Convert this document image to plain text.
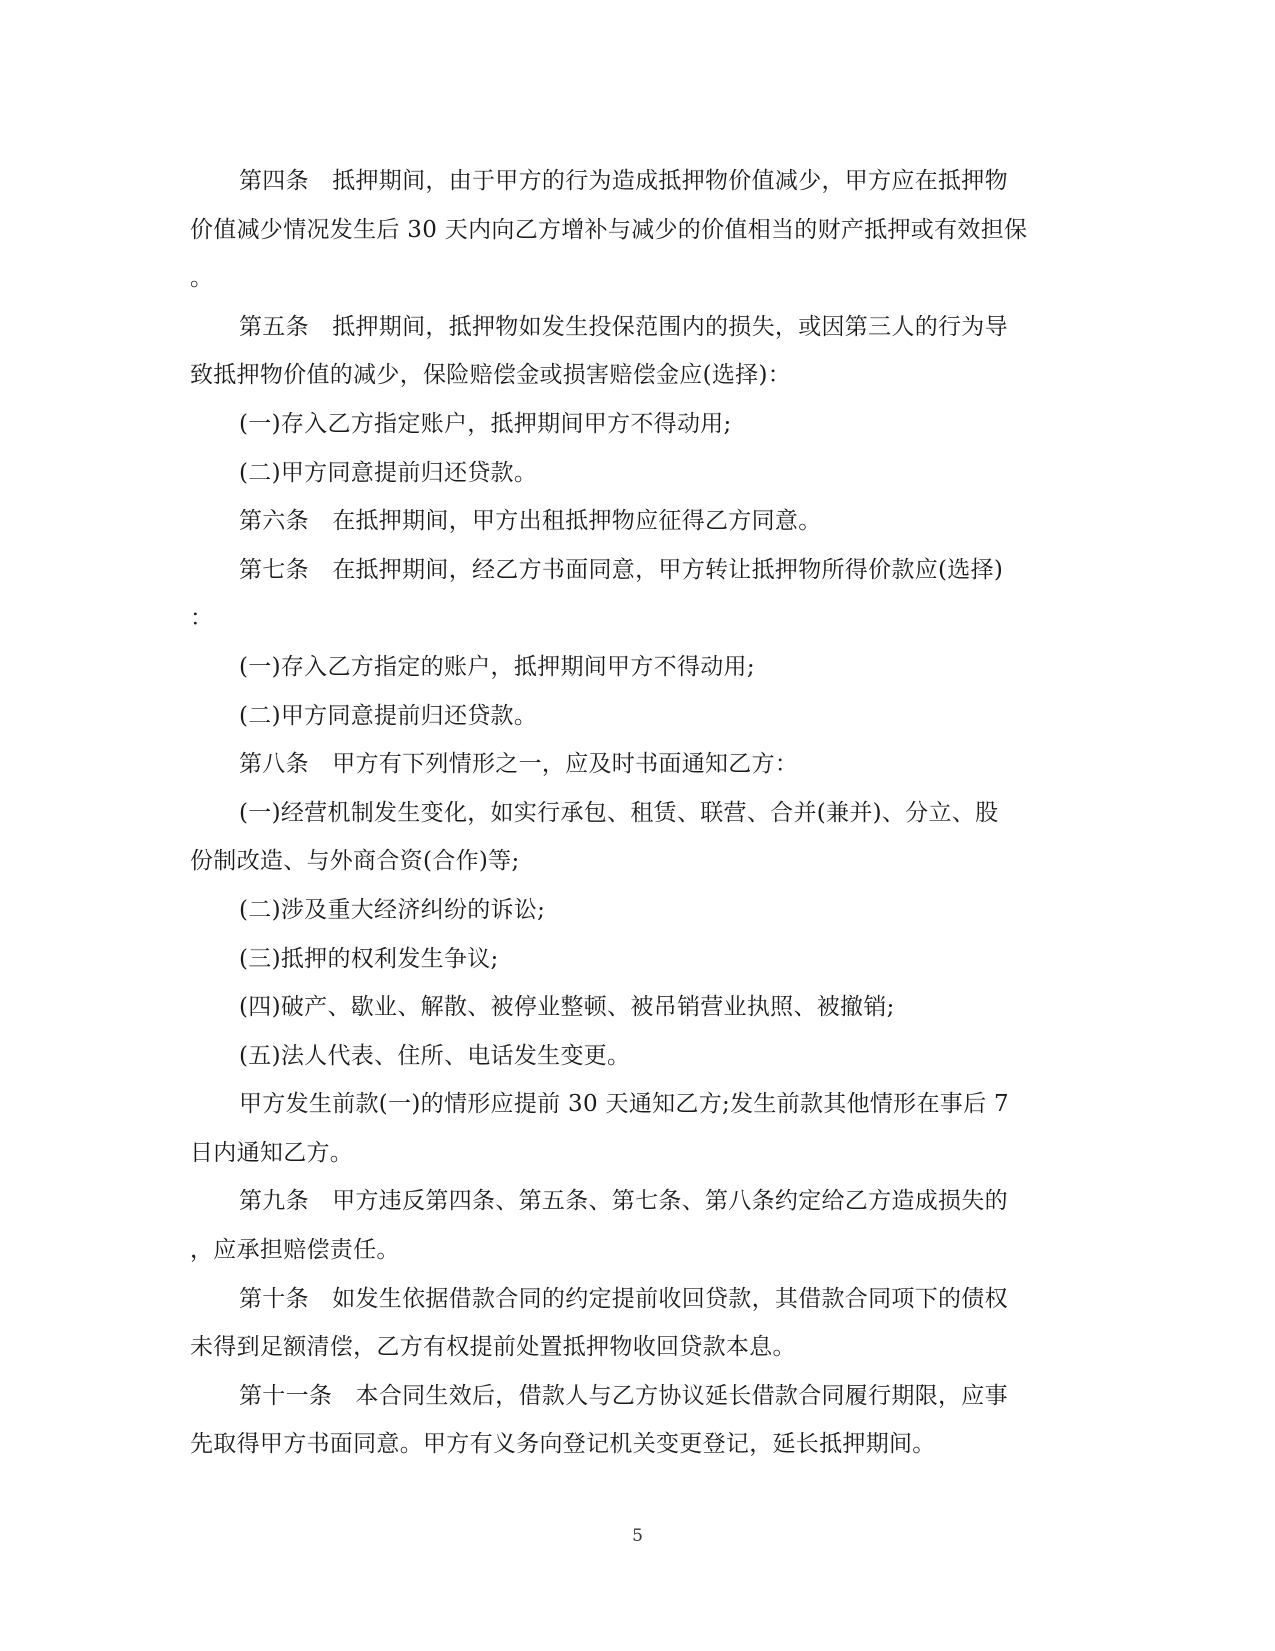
第四条　抵押期间，由于甲方的行为造成抵押物价值减少，甲方应在抵押物
价值减少情况发生后 30 天内向乙方增补与减少的价值相当的财产抵押或有效担保
。
第五条　抵押期间，抵押物如发生投保范围内的损失，或因第三人的行为导
致抵押物价值的减少，保险赔偿金或损害赔偿金应(选择)：
(一)存入乙方指定账户，抵押期间甲方不得动用;
(二)甲方同意提前归还贷款。
第六条　在抵押期间，甲方出租抵押物应征得乙方同意。
第七条　在抵押期间，经乙方书面同意，甲方转让抵押物所得价款应(选择)
：
(一)存入乙方指定的账户，抵押期间甲方不得动用;
(二)甲方同意提前归还贷款。
第八条　甲方有下列情形之一，应及时书面通知乙方：
(一)经营机制发生变化，如实行承包、租赁、联营、合并(兼并)、分立、股
份制改造、与外商合资(合作)等;
(二)涉及重大经济纠纷的诉讼;
(三)抵押的权利发生争议;
(四)破产、歇业、解散、被停业整顿、被吊销营业执照、被撤销;
(五)法人代表、住所、电话发生变更。
甲方发生前款(一)的情形应提前 30 天通知乙方;发生前款其他情形在事后 7
日内通知乙方。
第九条　甲方违反第四条、第五条、第七条、第八条约定给乙方造成损失的
，应承担赔偿责任。
第十条　如发生依据借款合同的约定提前收回贷款，其借款合同项下的债权
未得到足额清偿，乙方有权提前处置抵押物收回贷款本息。
第十一条　本合同生效后，借款人与乙方协议延长借款合同履行期限，应事
先取得甲方书面同意。甲方有义务向登记机关变更登记，延长抵押期间。
5
